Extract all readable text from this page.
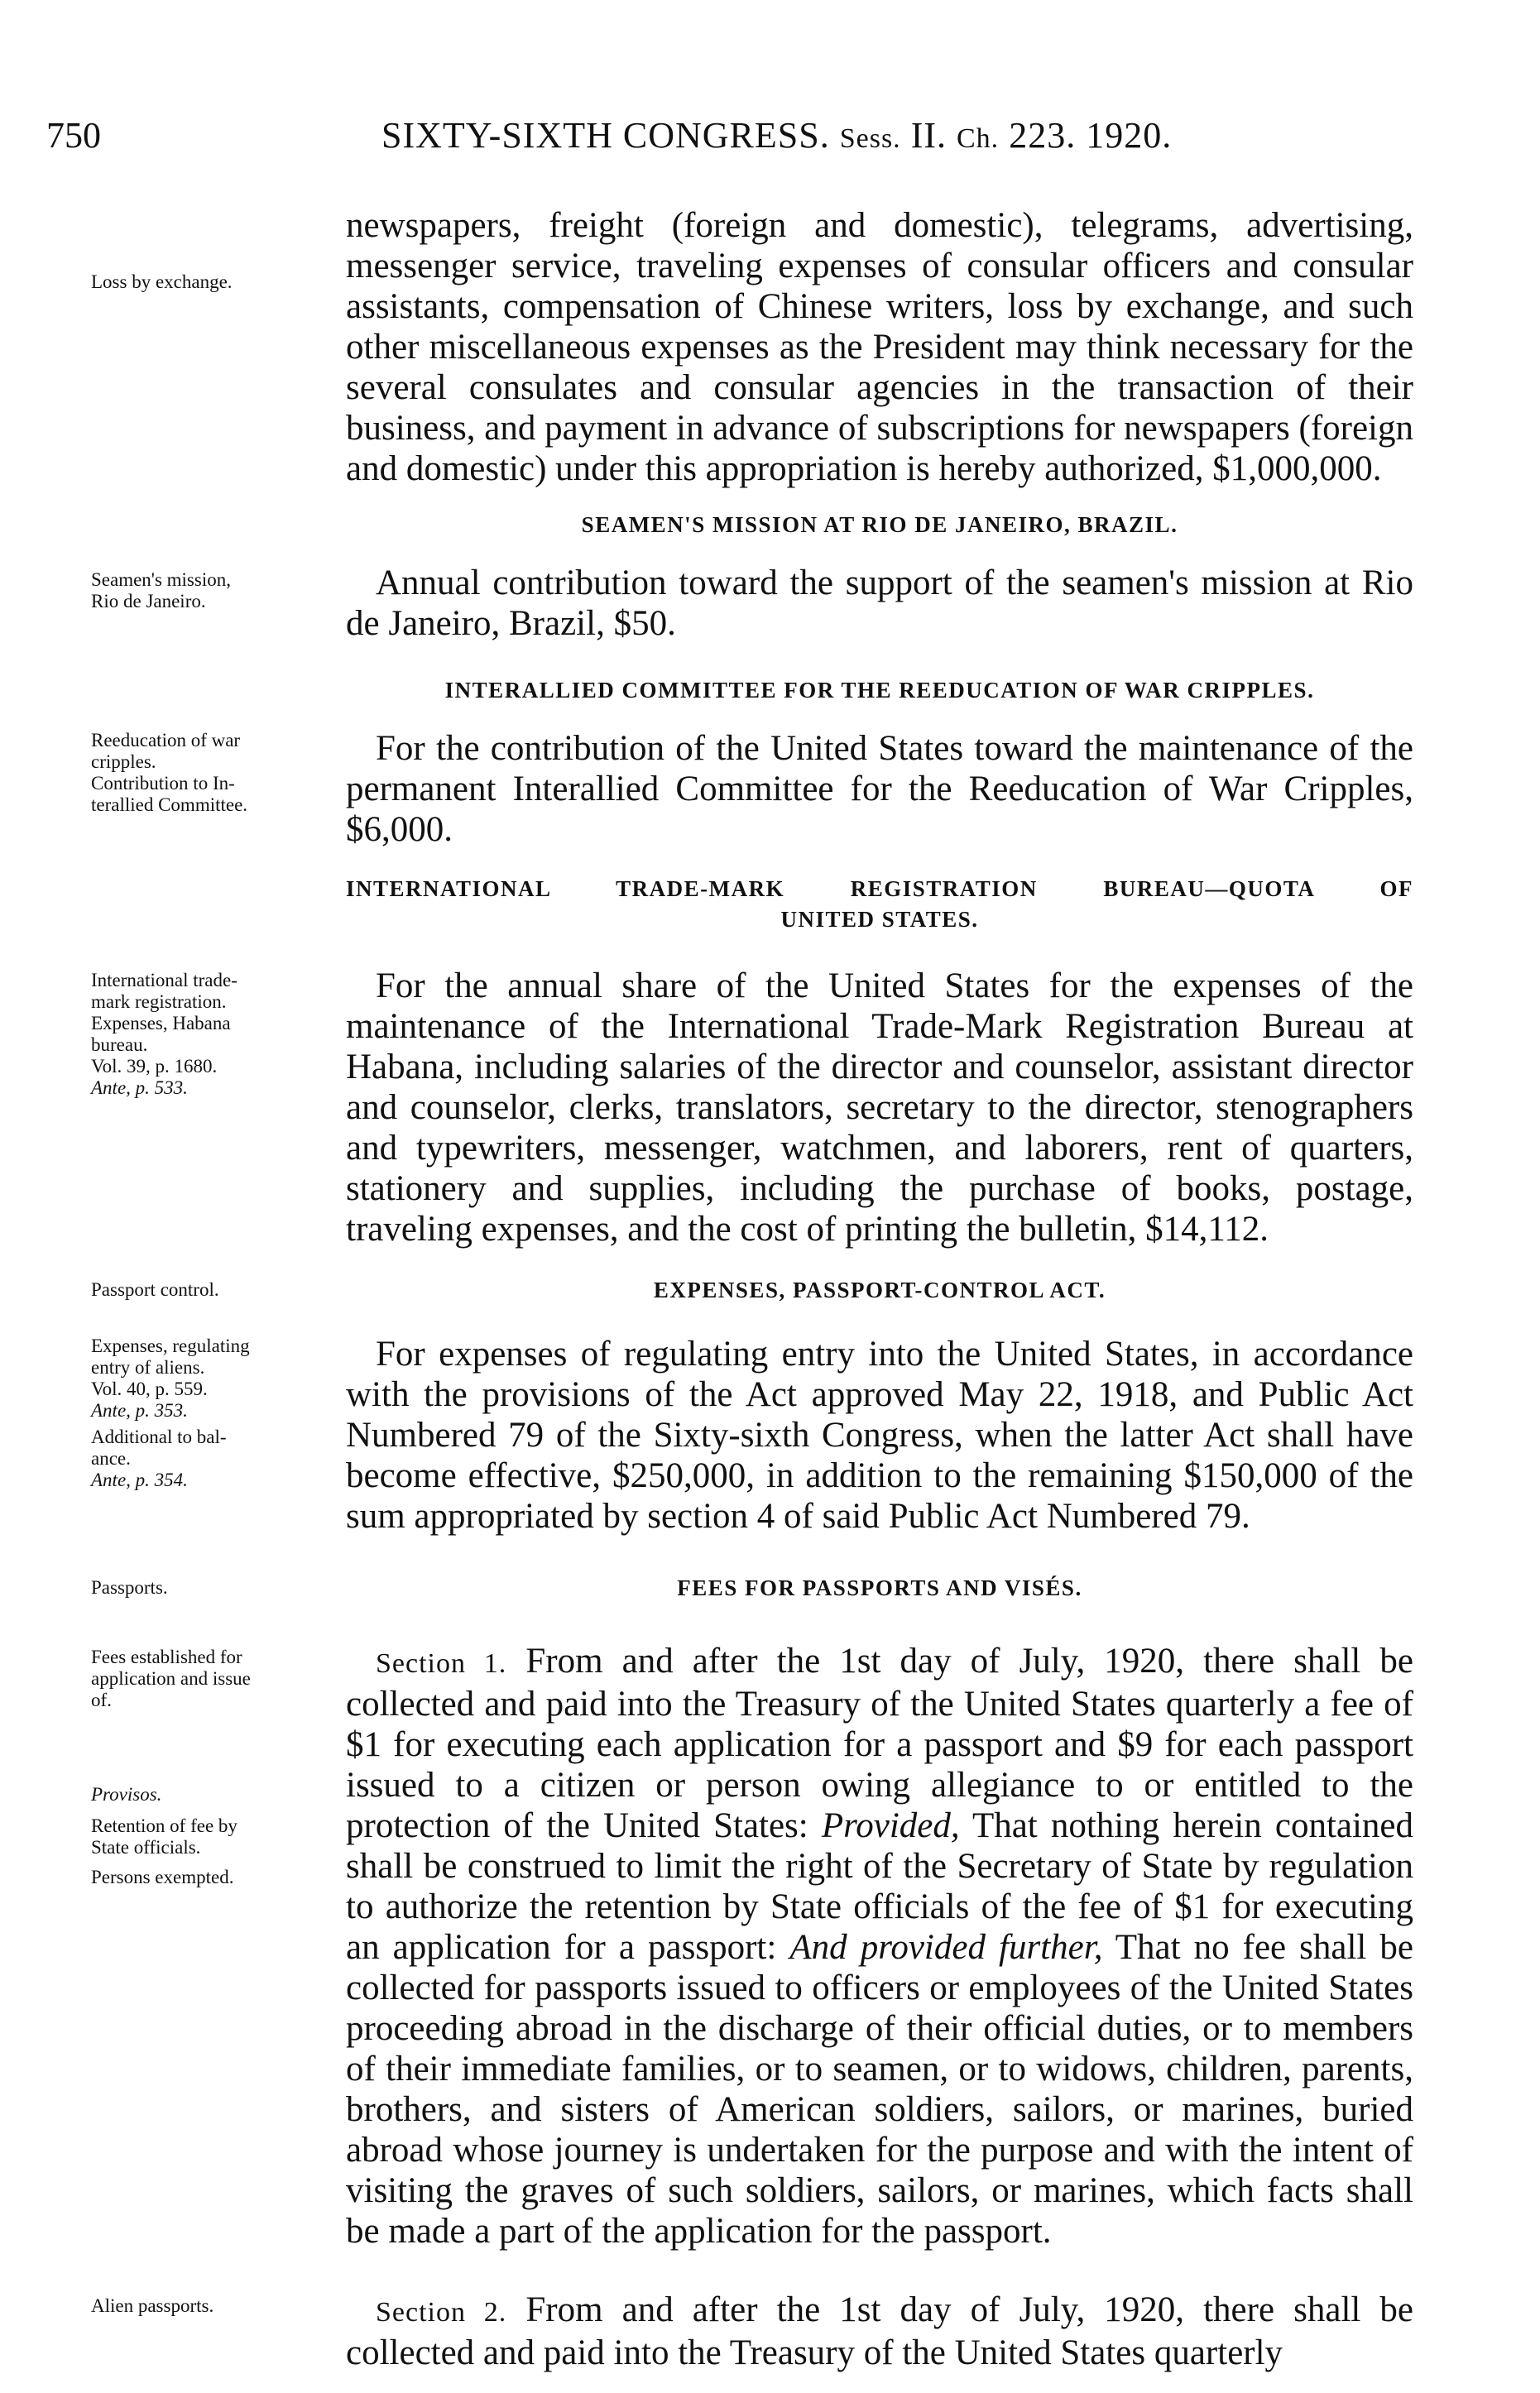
750	SIXTY-SIXTH CONGRESS. Sess. II. Ch. 223. 1920.

newspapers, freight (foreign and domestic), telegrams, advertising, messenger service, traveling expenses of consular officers and consular assistants, compensation of Chinese writers, loss by exchange, and such other miscellaneous expenses as the President may think necessary for the several consulates and consular agencies in the transaction of their business, and payment in advance of subscriptions for newspapers (foreign and domestic) under this appropriation is hereby authorized, $1,000,000.

SEAMEN'S MISSION AT RIO DE JANEIRO, BRAZIL.

Annual contribution toward the support of the seamen's mission at Rio de Janeiro, Brazil, $50.

INTERALLIED COMMITTEE FOR THE REEDUCATION OF WAR CRIPPLES.

For the contribution of the United States toward the maintenance of the permanent Interallied Committee for the Reeducation of War Cripples, $6,000.

INTERNATIONAL TRADE-MARK REGISTRATION BUREAU—QUOTA OF
UNITED STATES.

For the annual share of the United States for the expenses of the maintenance of the International Trade-Mark Registration Bureau at Habana, including salaries of the director and counselor, assistant director and counselor, clerks, translators, secretary to the director, stenographers and typewriters, messenger, watchmen, and laborers, rent of quarters, stationery and supplies, including the purchase of books, postage, traveling expenses, and the cost of printing the bulletin, $14,112.

EXPENSES, PASSPORT-CONTROL ACT.

For expenses of regulating entry into the United States, in accordance with the provisions of the Act approved May 22, 1918, and Public Act Numbered 79 of the Sixty-sixth Congress, when the latter Act shall have become effective, $250,000, in addition to the remaining $150,000 of the sum appropriated by section 4 of said Public Act Numbered 79.

FEES FOR PASSPORTS AND VISÉS.

Section 1. From and after the 1st day of July, 1920, there shall be collected and paid into the Treasury of the United States quarterly a fee of $1 for executing each application for a passport and $9 for each passport issued to a citizen or person owing allegiance to or entitled to the protection of the United States: Provided, That nothing herein contained shall be construed to limit the right of the Secretary of State by regulation to authorize the retention by State officials of the fee of $1 for executing an application for a passport: And provided further, That no fee shall be collected for passports issued to officers or employees of the United States proceeding abroad in the discharge of their official duties, or to members of their immediate families, or to seamen, or to widows, children, parents, brothers, and sisters of American soldiers, sailors, or marines, buried abroad whose journey is undertaken for the purpose and with the intent of visiting the graves of such soldiers, sailors, or marines, which facts shall be made a part of the application for the passport.

Section 2. From and after the 1st day of July, 1920, there shall be collected and paid into the Treasury of the United States quarterly

Loss by exchange.
Seamen's mission,
Rio de Janeiro.
Reeducation of war
cripples.
Contribution to In-
terallied Committee.
International trade-
mark registration.
Expenses, Habana
bureau.
Vol. 39, p. 1680.
Ante, p. 533.
Passport control.
Expenses, regulating
entry of aliens.
Vol. 40, p. 559.
Ante, p. 353.
Additional to bal-
ance.
Ante, p. 354.
Passports.
Fees established for
application and issue
of.
Provisos.
Retention of fee by
State officials.
Persons exempted.
Alien passports.
